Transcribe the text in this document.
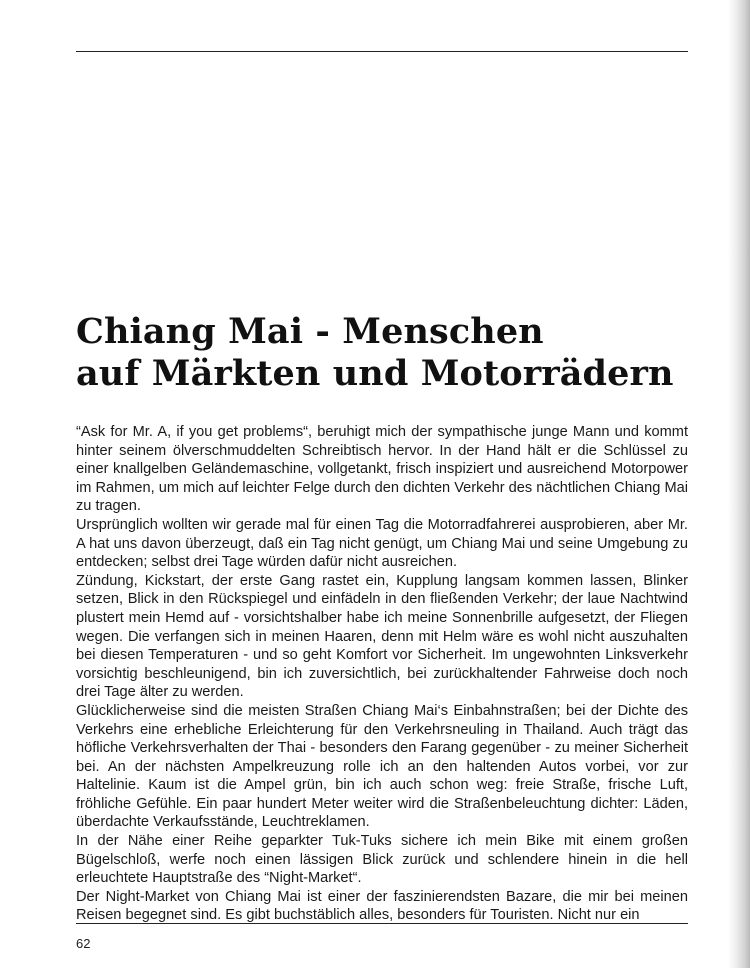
Chiang Mai - Menschen
auf Märkten und Motorrädern

“Ask for Mr. A, if you get problems“, beruhigt mich der sympathische junge Mann und kommt hinter seinem ölverschmuddelten Schreibtisch hervor. In der Hand hält er die Schlüssel zu einer knallgelben Geländemaschine, vollgetankt, frisch inspiziert und ausreichend Motorpower im Rahmen, um mich auf leichter Felge durch den dichten Verkehr des nächtlichen Chiang Mai zu tragen.

Ursprünglich wollten wir gerade mal für einen Tag die Motorradfahrerei ausprobieren, aber Mr. A hat uns davon überzeugt, daß ein Tag nicht genügt, um Chiang Mai und seine Umgebung zu entdecken; selbst drei Tage würden dafür nicht ausreichen.

Zündung, Kickstart, der erste Gang rastet ein, Kupplung langsam kommen lassen, Blinker setzen, Blick in den Rückspiegel und einfädeln in den fließenden Verkehr; der laue Nachtwind plustert mein Hemd auf - vorsichtshalber habe ich meine Sonnenbrille aufgesetzt, der Fliegen wegen. Die verfangen sich in meinen Haaren, denn mit Helm wäre es wohl nicht auszuhalten bei diesen Temperaturen - und so geht Komfort vor Sicherheit. Im ungewohnten Linksverkehr vorsichtig beschleunigend, bin ich zuversichtlich, bei zurückhaltender Fahrweise doch noch drei Tage älter zu werden.

Glücklicherweise sind die meisten Straßen Chiang Mai‘s Einbahnstraßen; bei der Dichte des Verkehrs eine erhebliche Erleichterung für den Verkehrsneuling in Thailand. Auch trägt das höfliche Verkehrsverhalten der Thai - besonders den Farang gegenüber - zu meiner Sicherheit bei. An der nächsten Ampelkreuzung rolle ich an den haltenden Autos vorbei, vor zur Haltelinie. Kaum ist die Ampel grün, bin ich auch schon weg: freie Straße, frische Luft, fröhliche Gefühle. Ein paar hundert Meter weiter wird die Straßenbeleuchtung dichter: Läden, überdachte Verkaufsstände, Leuchtreklamen.

In der Nähe einer Reihe geparkter Tuk-Tuks sichere ich mein Bike mit einem großen Bügelschloß, werfe noch einen lässigen Blick zurück und schlendere hinein in die hell erleuchtete Hauptstraße des “Night-Market“.

Der Night-Market von Chiang Mai ist einer der faszinierendsten Bazare, die mir bei meinen Reisen begegnet sind. Es gibt buchstäblich alles, besonders für Touristen. Nicht nur ein

62
